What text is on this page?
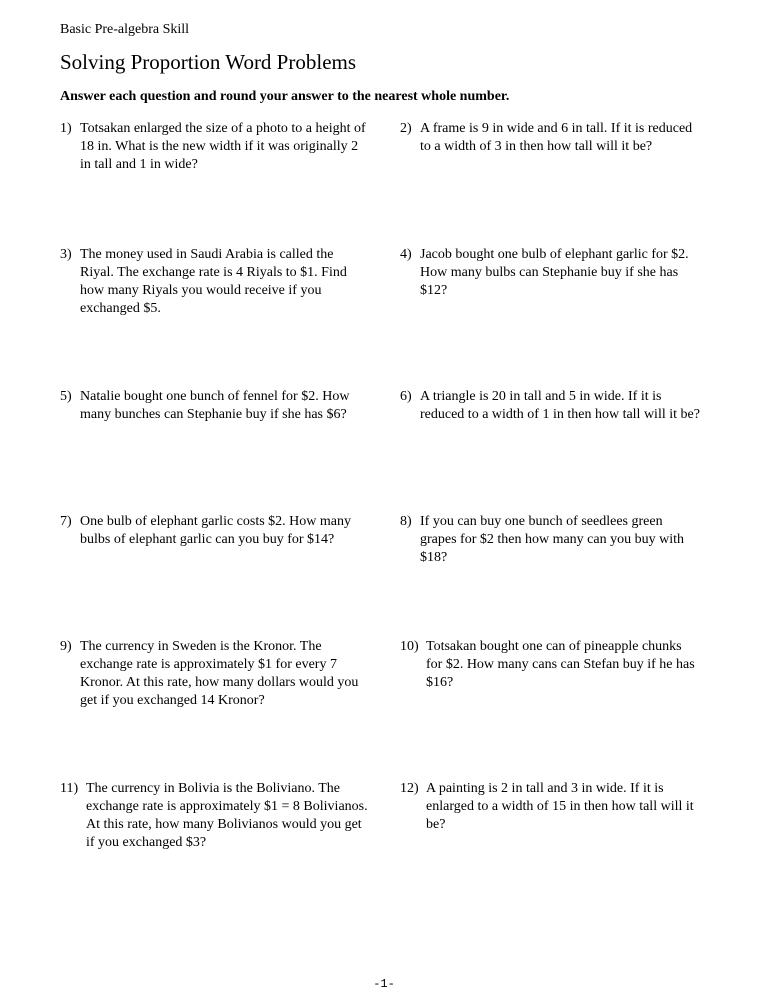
Basic Pre-algebra Skill
Solving Proportion Word Problems
Answer each question and round your answer to the nearest whole number.
1) Totsakan enlarged the size of a photo to a height of 18 in. What is the new width if it was originally 2 in tall and 1 in wide?
2) A frame is 9 in wide and 6 in tall. If it is reduced to a width of 3 in then how tall will it be?
3) The money used in Saudi Arabia is called the Riyal. The exchange rate is 4 Riyals to $1. Find how many Riyals you would receive if you exchanged $5.
4) Jacob bought one bulb of elephant garlic for $2. How many bulbs can Stephanie buy if she has $12?
5) Natalie bought one bunch of fennel for $2. How many bunches can Stephanie buy if she has $6?
6) A triangle is 20 in tall and 5 in wide. If it is reduced to a width of 1 in then how tall will it be?
7) One bulb of elephant garlic costs $2. How many bulbs of elephant garlic can you buy for $14?
8) If you can buy one bunch of seedlees green grapes for $2 then how many can you buy with $18?
9) The currency in Sweden is the Kronor. The exchange rate is approximately $1 for every 7 Kronor. At this rate, how many dollars would you get if you exchanged 14 Kronor?
10) Totsakan bought one can of pineapple chunks for $2. How many cans can Stefan buy if he has $16?
11) The currency in Bolivia is the Boliviano. The exchange rate is approximately $1 = 8 Bolivianos. At this rate, how many Bolivianos would you get if you exchanged $3?
12) A painting is 2 in tall and 3 in wide. If it is enlarged to a width of 15 in then how tall will it be?
-1-
